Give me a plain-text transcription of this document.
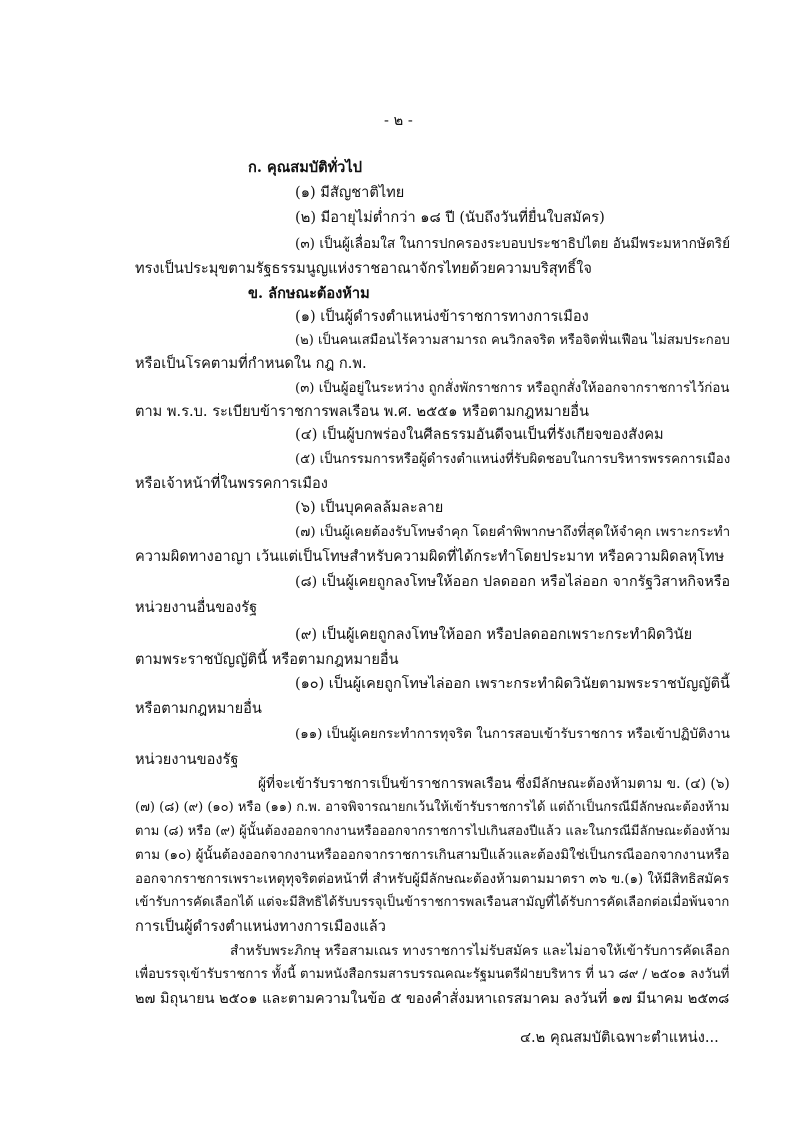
- ๒ -
ก. คุณสมบัติทั่วไป
(๑) มีสัญชาติไทย
(๒) มีอายุไม่ต่ำกว่า ๑๘ ปี (นับถึงวันที่ยื่นใบสมัคร)
(๓) เป็นผู้เลื่อมใส ในการปกครองระบอบประชาธิปไตย อันมีพระมหากษัตริย์
ทรงเป็นประมุขตามรัฐธรรมนูญแห่งราชอาณาจักรไทยด้วยความบริสุทธิ์ใจ
ข. ลักษณะต้องห้าม
(๑) เป็นผู้ดำรงตำแหน่งข้าราชการทางการเมือง
(๒) เป็นคนเสมือนไร้ความสามารถ คนวิกลจริต หรือจิตฟั่นเฟือน ไม่สมประกอบ
หรือเป็นโรคตามที่กำหนดใน กฎ ก.พ.
(๓) เป็นผู้อยู่ในระหว่าง ถูกสั่งพักราชการ หรือถูกสั่งให้ออกจากราชการไว้ก่อน
ตาม พ.ร.บ. ระเบียบข้าราชการพลเรือน พ.ศ. ๒๕๕๑ หรือตามกฎหมายอื่น
(๔) เป็นผู้บกพร่องในศีลธรรมอันดีจนเป็นที่รังเกียจของสังคม
(๕) เป็นกรรมการหรือผู้ดำรงตำแหน่งที่รับผิดชอบในการบริหารพรรคการเมือง
หรือเจ้าหน้าที่ในพรรคการเมือง
(๖) เป็นบุคคลล้มละลาย
(๗) เป็นผู้เคยต้องรับโทษจำคุก โดยคำพิพากษาถึงที่สุดให้จำคุก เพราะกระทำ
ความผิดทางอาญา เว้นแต่เป็นโทษสำหรับความผิดที่ได้กระทำโดยประมาท หรือความผิดลหุโทษ
(๘) เป็นผู้เคยถูกลงโทษให้ออก ปลดออก หรือไล่ออก จากรัฐวิสาหกิจหรือ
หน่วยงานอื่นของรัฐ
(๙) เป็นผู้เคยถูกลงโทษให้ออก หรือปลดออกเพราะกระทำผิดวินัย
ตามพระราชบัญญัตินี้ หรือตามกฎหมายอื่น
(๑๐) เป็นผู้เคยถูกโทษไล่ออก เพราะกระทำผิดวินัยตามพระราชบัญญัตินี้
หรือตามกฎหมายอื่น
(๑๑) เป็นผู้เคยกระทำการทุจริต ในการสอบเข้ารับราชการ หรือเข้าปฏิบัติงาน
หน่วยงานของรัฐ
ผู้ที่จะเข้ารับราชการเป็นข้าราชการพลเรือน ซึ่งมีลักษณะต้องห้ามตาม ข. (๔) (๖)
(๗) (๘) (๙) (๑๐) หรือ (๑๑) ก.พ. อาจพิจารณายกเว้นให้เข้ารับราชการได้ แต่ถ้าเป็นกรณีมีลักษณะต้องห้าม
ตาม (๘) หรือ (๙) ผู้นั้นต้องออกจากงานหรือออกจากราชการไปเกินสองปีแล้ว และในกรณีมีลักษณะต้องห้าม
ตาม (๑๐) ผู้นั้นต้องออกจากงานหรือออกจากราชการเกินสามปีแล้วและต้องมิใช่เป็นกรณีออกจากงานหรือ
ออกจากราชการเพราะเหตุทุจริตต่อหน้าที่ สำหรับผู้มีลักษณะต้องห้ามตามมาตรา ๓๖ ข.(๑) ให้มีสิทธิสมัคร
เข้ารับการคัดเลือกได้ แต่จะมีสิทธิได้รับบรรจุเป็นข้าราชการพลเรือนสามัญที่ได้รับการคัดเลือกต่อเมื่อพ้นจาก
การเป็นผู้ดำรงตำแหน่งทางการเมืองแล้ว
สำหรับพระภิกษุ หรือสามเณร ทางราชการไม่รับสมัคร และไม่อาจให้เข้ารับการคัดเลือก
เพื่อบรรจุเข้ารับราชการ ทั้งนี้ ตามหนังสือกรมสารบรรณคณะรัฐมนตรีฝ่ายบริหาร ที่ นว ๘๙ / ๒๕๐๑ ลงวันที่
๒๗ มิถุนายน ๒๕๐๑ และตามความในข้อ ๕ ของคำสั่งมหาเถรสมาคม ลงวันที่ ๑๗ มีนาคม ๒๕๓๘
๔.๒ คุณสมบัติเฉพาะตำแหน่ง...
